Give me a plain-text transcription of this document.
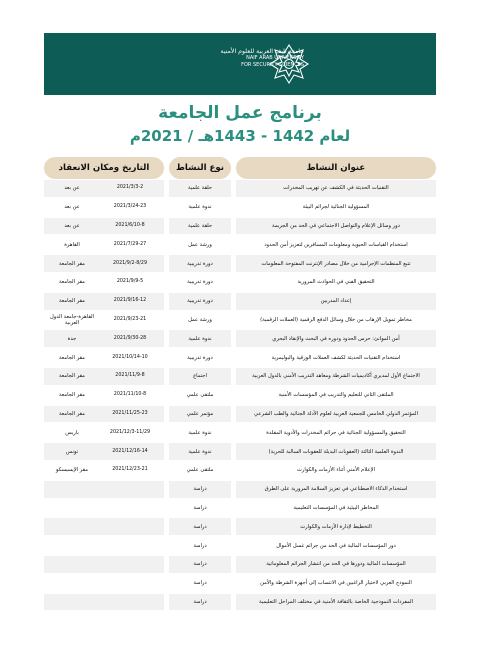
جامعة نايف العربية للعلوم الأمنية
NAIF ARAB UNIVERSITY
FOR SECURITY SCIENCES
برنامج عمل الجامعة
لعام 1442 - 1443هـ / 2021م
عنوان النشاط
نوع النشاط
التاريخ ومكان الانعقاد
التقنيات الحديثة في الكشف عن تهريب المخدرات
حلقة علمية
2021/3/3-2
عن بعد
المسؤولية الجنائية لجرائم البيئة
ندوة علمية
2021/3/24-23
عن بعد
دور وسائل الإعلام والتواصل الاجتماعي في الحد من الجريمة
حلقة علمية
2021/6/10-8
عن بعد
استخدام القياسات الحيوية ومعلومات المسافرين لتعزيز أمن الحدود
ورشة عمل
2021/7/29-27
القاهرة
تتبع المنظمات الإجرامية من خلال مصادر الإنترنت المفتوحة المعلومات
دورة تدريبية
2021/9/2-8/29
مقر الجامعة
التحقيق الفني في الحوادث المرورية
دورة تدريبية
2021/9/9-5
مقر الجامعة
إعداد المدربين
دورة تدريبية
2021/9/16-12
مقر الجامعة
مخاطر تمويل الإرهاب من خلال وسائل الدفع الرقمية (العملات الرقمية)
ورشة عمل
2021/9/23-21
القاهرة-جامعة الدول العربية
أمن الموانئ: حرس الحدود ودوره في البحث والإنقاذ البحري
ندوة علمية
2021/9/30-28
جدة
استخدام التقنيات الحديثة لكشف العملات الورقية والبوليمرية
دورة تدريبية
2021/10/14-10
مقر الجامعة
الاجتماع الأول لمديري أكاديميات الشرطة ومعاهد التدريب الأمني بالدول العربية
اجتماع
2021/11/9-8
مقر الجامعة
الملتقى الثاني للتعليم والتدريب في المؤسسات الأمنية
ملتقى علمي
2021/11/10-8
مقر الجامعة
المؤتمر الدولي الخامس للجمعية العربية لعلوم الأدلة الجنائية والطب الشرعي
مؤتمر علمي
2021/11/25-23
مقر الجامعة
التحقيق والمسؤولية الجنائية في جرائم المخدرات والأدوية المقلدة
ندوة علمية
2021/12/3-11/29
باريس
الندوة العلمية الثالثة (العقوبات البديلة للعقوبات السالبة للحرية)
ندوة علمية
2021/12/16-14
تونس
الإعلام الأمني أثناء الأزمات والكوارث
ملتقى علمي
2021/12/23-21
مقر الإيسيسكو
استخدام الذكاء الاصطناعي في تعزيز السلامة المرورية على الطرق
دراسة
المخاطر البيئية في المؤسسات التعليمية
دراسة
التخطيط لإدارة الأزمات والكوارث
دراسة
دور المؤسسات المالية في الحد من جرائم غسل الأموال
دراسة
المؤسسات المالية ودورها في الحد من انتشار الجرائم المعلوماتية
دراسة
النموذج العربي لاختيار الراغبين في الانتساب إلى أجهزة الشرطة والأمن
دراسة
المفردات النموذجية الخاصة بالثقافة الأمنية في مختلف المراحل التعليمية
دراسة
